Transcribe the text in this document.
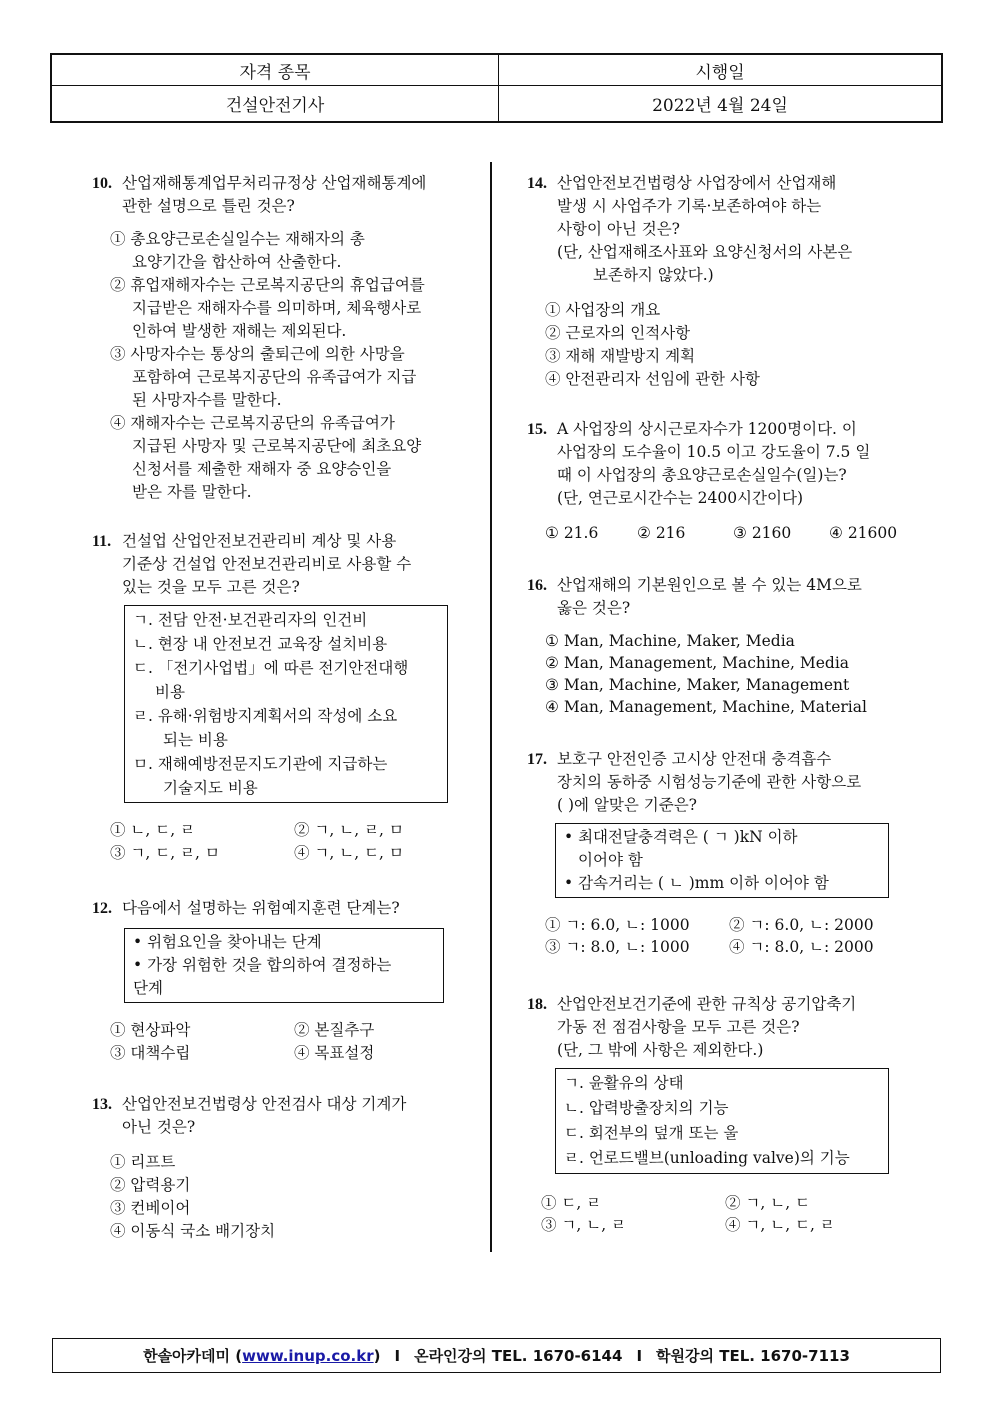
자격 종목	시행일
건설안전기사	2022년 4월 24일
10. 산업재해통계업무처리규정상 산업재해통계에
관한 설명으로 틀린 것은?
① 총요양근로손실일수는 재해자의 총
요양기간을 합산하여 산출한다.
② 휴업재해자수는 근로복지공단의 휴업급여를
지급받은 재해자수를 의미하며, 체육행사로
인하여 발생한 재해는 제외된다.
③ 사망자수는 통상의 출퇴근에 의한 사망을
포함하여 근로복지공단의 유족급여가 지급
된 사망자수를 말한다.
④ 재해자수는 근로복지공단의 유족급여가
지급된 사망자 및 근로복지공단에 최초요양
신청서를 제출한 재해자 중 요양승인을
받은 자를 말한다.
11. 건설업 산업안전보건관리비 계상 및 사용
기준상 건설업 안전보건관리비로 사용할 수
있는 것을 모두 고른 것은?
ㄱ. 전담 안전·보건관리자의 인건비
ㄴ. 현장 내 안전보건 교육장 설치비용
ㄷ. 「전기사업법」에 따른 전기안전대행
비용
ㄹ. 유해·위험방지계획서의 작성에 소요
되는 비용
ㅁ. 재해예방전문지도기관에 지급하는
기술지도 비용
① ㄴ, ㄷ, ㄹ	② ㄱ, ㄴ, ㄹ, ㅁ
③ ㄱ, ㄷ, ㄹ, ㅁ	④ ㄱ, ㄴ, ㄷ, ㅁ
12. 다음에서 설명하는 위험예지훈련 단계는?
• 위험요인을 찾아내는 단계
• 가장 위험한 것을 합의하여 결정하는
단계
① 현상파악	② 본질추구
③ 대책수립	④ 목표설정
13. 산업안전보건법령상 안전검사 대상 기계가
아닌 것은?
① 리프트
② 압력용기
③ 컨베이어
④ 이동식 국소 배기장치
14. 산업안전보건법령상 사업장에서 산업재해
발생 시 사업주가 기록·보존하여야 하는
사항이 아닌 것은?
(단, 산업재해조사표와 요양신청서의 사본은
보존하지 않았다.)
① 사업장의 개요
② 근로자의 인적사항
③ 재해 재발방지 계획
④ 안전관리자 선임에 관한 사항
15. A 사업장의 상시근로자수가 1200명이다. 이
사업장의 도수율이 10.5 이고 강도율이 7.5 일
때 이 사업장의 총요양근로손실일수(일)는?
(단, 연근로시간수는 2400시간이다)
① 21.6	② 216	③ 2160	④ 21600
16. 산업재해의 기본원인으로 볼 수 있는 4M으로
옳은 것은?
① Man, Machine, Maker, Media
② Man, Management, Machine, Media
③ Man, Machine, Maker, Management
④ Man, Management, Machine, Material
17. 보호구 안전인증 고시상 안전대 충격흡수
장치의 동하중 시험성능기준에 관한 사항으로
( )에 알맞은 기준은?
• 최대전달충격력은 ( ㄱ )kN 이하
이어야 함
• 감속거리는 ( ㄴ )mm 이하 이어야 함
① ㄱ: 6.0, ㄴ: 1000	② ㄱ: 6.0, ㄴ: 2000
③ ㄱ: 8.0, ㄴ: 1000	④ ㄱ: 8.0, ㄴ: 2000
18. 산업안전보건기준에 관한 규칙상 공기압축기
가동 전 점검사항을 모두 고른 것은?
(단, 그 밖에 사항은 제외한다.)
ㄱ. 윤활유의 상태
ㄴ. 압력방출장치의 기능
ㄷ. 회전부의 덮개 또는 울
ㄹ. 언로드밸브(unloading valve)의 기능
① ㄷ, ㄹ	② ㄱ, ㄴ, ㄷ
③ ㄱ, ㄴ, ㄹ	④ ㄱ, ㄴ, ㄷ, ㄹ
한솔아카데미 ( www.inup.co.kr ) I 온라인강의 TEL. 1670-6144 I 학원강의 TEL. 1670-7113
